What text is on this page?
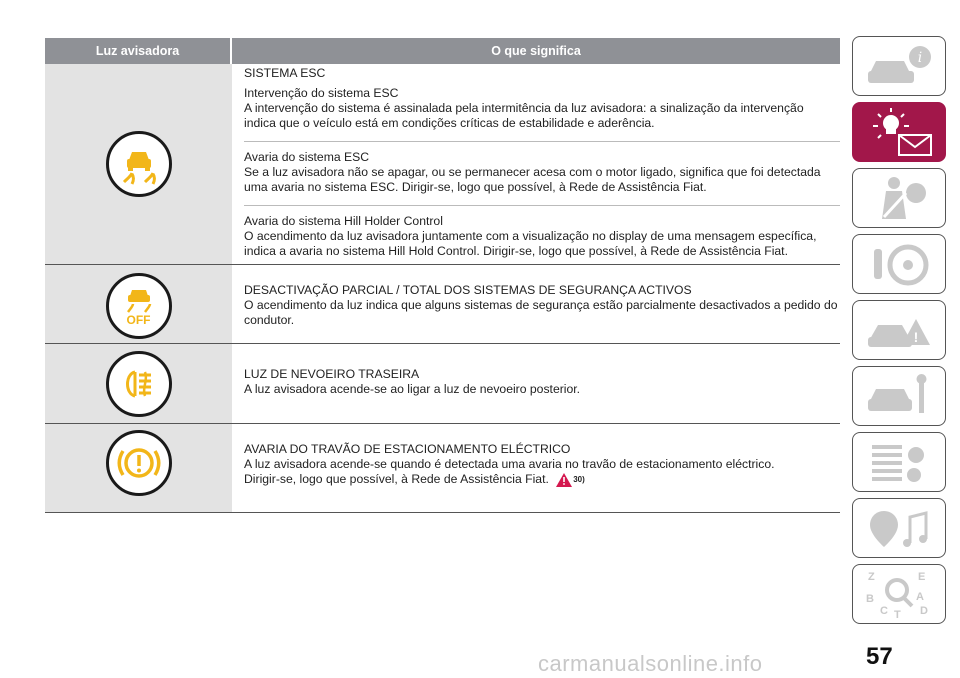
Luz avisadora	O que significa
SISTEMA ESC
Intervenção do sistema ESC
A intervenção do sistema é assinalada pela intermitência da luz avisadora: a sinalização da intervenção indica que o veículo está em condições críticas de estabilidade e aderência.
Avaria do sistema ESC
Se a luz avisadora não se apagar, ou se permanecer acesa com o motor ligado, significa que foi detectada uma avaria no sistema ESC. Dirigir-se, logo que possível, à Rede de Assistência Fiat.
Avaria do sistema Hill Holder Control
O acendimento da luz avisadora juntamente com a visualização no display de uma mensagem específica, indica a avaria no sistema Hill Hold Control. Dirigir-se, logo que possível, à Rede de Assistência Fiat.
OFF
DESACTIVAÇÃO PARCIAL / TOTAL DOS SISTEMAS DE SEGURANÇA ACTIVOS
O acendimento da luz indica que alguns sistemas de segurança estão parcialmente desactivados a pedido do condutor.
LUZ DE NEVOEIRO TRASEIRA
A luz avisadora acende-se ao ligar a luz de nevoeiro posterior.
AVARIA DO TRAVÃO DE ESTACIONAMENTO ELÉCTRICO
A luz avisadora acende-se quando é detectada uma avaria no travão de estacionamento eléctrico.
Dirigir-se, logo que possível, à Rede de Assistência Fiat.	30)
i
!
Z	E
B	A
C	D
T
57
carmanualsonline.info
